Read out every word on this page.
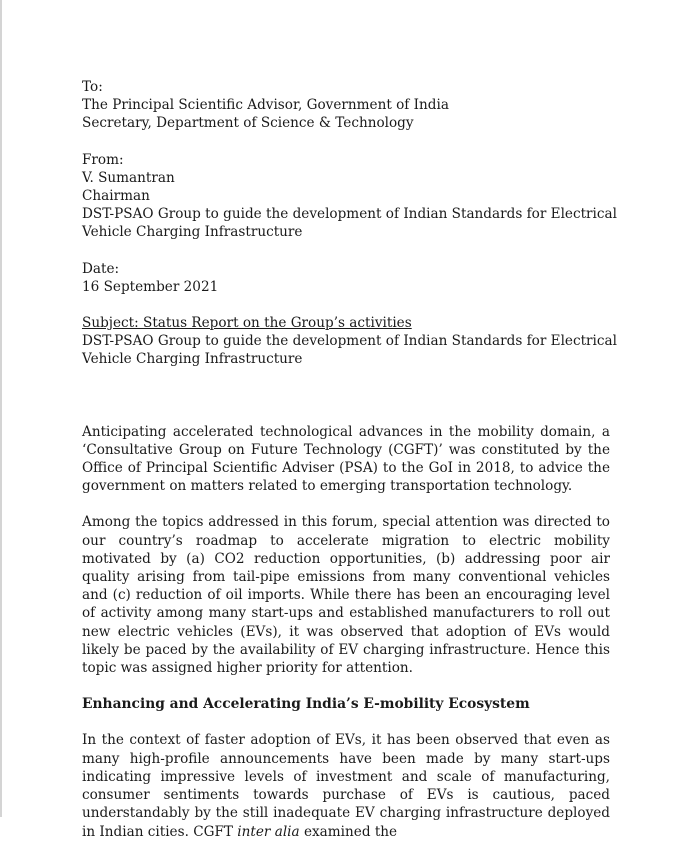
To:
The Principal Scientific Advisor, Government of India
Secretary, Department of Science & Technology
From:
V. Sumantran
Chairman
DST-PSAO Group to guide the development of Indian Standards for Electrical
Vehicle Charging Infrastructure
Date:
16 September 2021
Subject: Status Report on the Group’s activities
DST-PSAO Group to guide the development of Indian Standards for Electrical
Vehicle Charging Infrastructure

Anticipating accelerated technological advances in the mobility domain, a ‘Consultative Group on Future Technology (CGFT)’ was constituted by the Office of Principal Scientific Adviser (PSA) to the GoI in 2018, to advice the government on matters related to emerging transportation technology.

Among the topics addressed in this forum, special attention was directed to our country’s roadmap to accelerate migration to electric mobility motivated by (a) CO2 reduction opportunities, (b) addressing poor air quality arising from tail-pipe emissions from many conventional vehicles and (c) reduction of oil imports. While there has been an encouraging level of activity among many start-ups and established manufacturers to roll out new electric vehicles (EVs), it was observed that adoption of EVs would likely be paced by the availability of EV charging infrastructure. Hence this topic was assigned higher priority for attention.

Enhancing and Accelerating India’s E-mobility Ecosystem

In the context of faster adoption of EVs, it has been observed that even as many high-profile announcements have been made by many start-ups indicating impressive levels of investment and scale of manufacturing, consumer sentiments towards purchase of EVs is cautious, paced understandably by the still inadequate EV charging infrastructure deployed in Indian cities. CGFT inter alia examined the
